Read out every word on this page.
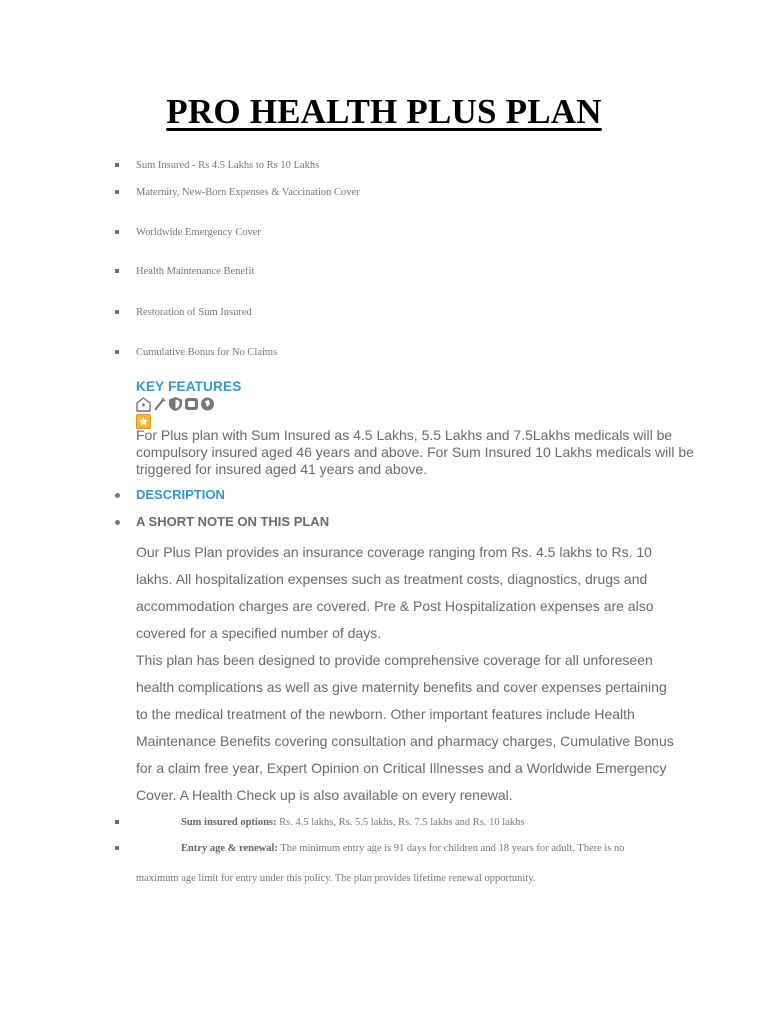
PRO HEALTH PLUS PLAN
Sum Insured - Rs 4.5 Lakhs to Rs 10 Lakhs
Maternity, New-Born Expenses & Vaccination Cover
Worldwide Emergency Cover
Health Maintenance Benefit
Restoration of Sum Insured
Cumulative Bonus for No Claims
KEY FEATURES
For Plus plan with Sum Insured as 4.5 Lakhs, 5.5 Lakhs and 7.5Lakhs medicals will be compulsory insured aged 46 years and above. For Sum Insured 10 Lakhs medicals will be triggered for insured aged 41 years and above.
DESCRIPTION
A SHORT NOTE ON THIS PLAN
Our Plus Plan provides an insurance coverage ranging from Rs. 4.5 lakhs to Rs. 10 lakhs. All hospitalization expenses such as treatment costs, diagnostics, drugs and accommodation charges are covered. Pre & Post Hospitalization expenses are also covered for a specified number of days.
This plan has been designed to provide comprehensive coverage for all unforeseen health complications as well as give maternity benefits and cover expenses pertaining to the medical treatment of the newborn. Other important features include Health Maintenance Benefits covering consultation and pharmacy charges, Cumulative Bonus for a claim free year, Expert Opinion on Critical Illnesses and a Worldwide Emergency Cover. A Health Check up is also available on every renewal.
Sum insured options: Rs. 4.5 lakhs, Rs. 5.5 lakhs, Rs. 7.5 lakhs and Rs. 10 lakhs
Entry age & renewal: The minimum entry age is 91 days for children and 18 years for adult. There is no
maximum age limit for entry under this policy. The plan provides lifetime renewal opportunity.
